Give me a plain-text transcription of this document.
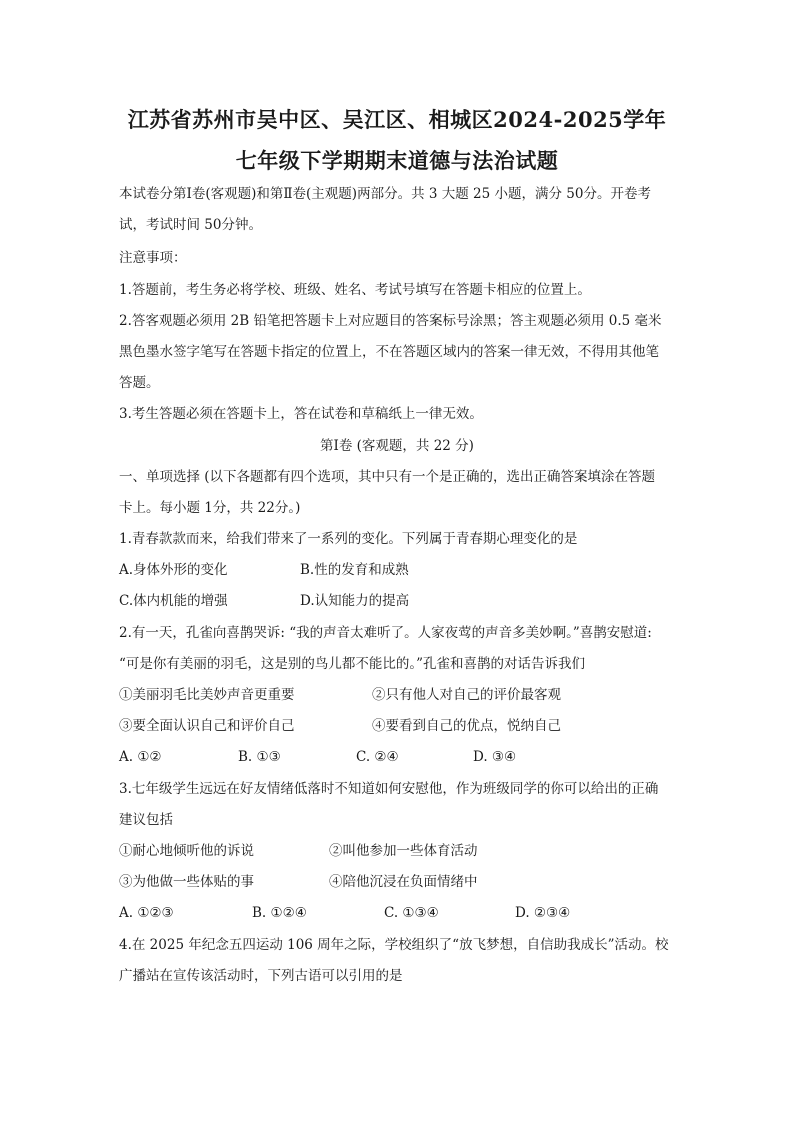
江苏省苏州市吴中区、吴江区、相城区2024-2025学年
七年级下学期期末道德与法治试题
本试卷分第Ⅰ卷(客观题)和第Ⅱ卷(主观题)两部分。共 3 大题 25 小题，满分 50分。开卷考
试，考试时间 50分钟。
注意事项：
1.答题前，考生务必将学校、班级、姓名、考试号填写在答题卡相应的位置上。
2.答客观题必须用 2B 铅笔把答题卡上对应题目的答案标号涂黑；答主观题必须用 0.5 毫米
黑色墨水签字笔写在答题卡指定的位置上，不在答题区域内的答案一律无效，不得用其他笔
答题。
3.考生答题必须在答题卡上，答在试卷和草稿纸上一律无效。
第Ⅰ卷 (客观题，共 22 分)
一、单项选择 (以下各题都有四个选项，其中只有一个是正确的，选出正确答案填涂在答题
卡上。每小题 1分，共 22分。)
1.青春款款而来，给我们带来了一系列的变化。下列属于青春期心理变化的是
A.身体外形的变化	B.性的发育和成熟
C.体内机能的增强	D.认知能力的提高
2.有一天，孔雀向喜鹊哭诉: “我的声音太难听了。人家夜莺的声音多美妙啊。”喜鹊安慰道:
“可是你有美丽的羽毛，这是别的鸟儿都不能比的。”孔雀和喜鹊的对话告诉我们
①美丽羽毛比美妙声音更重要	②只有他人对自己的评价最客观
③要全面认识自己和评价自己	④要看到自己的优点，悦纳自己
A. ①②	B. ①③	C. ②④	D. ③④
3.七年级学生远远在好友情绪低落时不知道如何安慰他，作为班级同学的你可以给出的正确
建议包括
①耐心地倾听他的诉说	②叫他参加一些体育活动
③为他做一些体贴的事	④陪他沉浸在负面情绪中
A. ①②③	B. ①②④	C. ①③④	D. ②③④
4.在 2025 年纪念五四运动 106 周年之际，学校组织了“放飞梦想，自信助我成长”活动。校
广播站在宣传该活动时，下列古语可以引用的是
